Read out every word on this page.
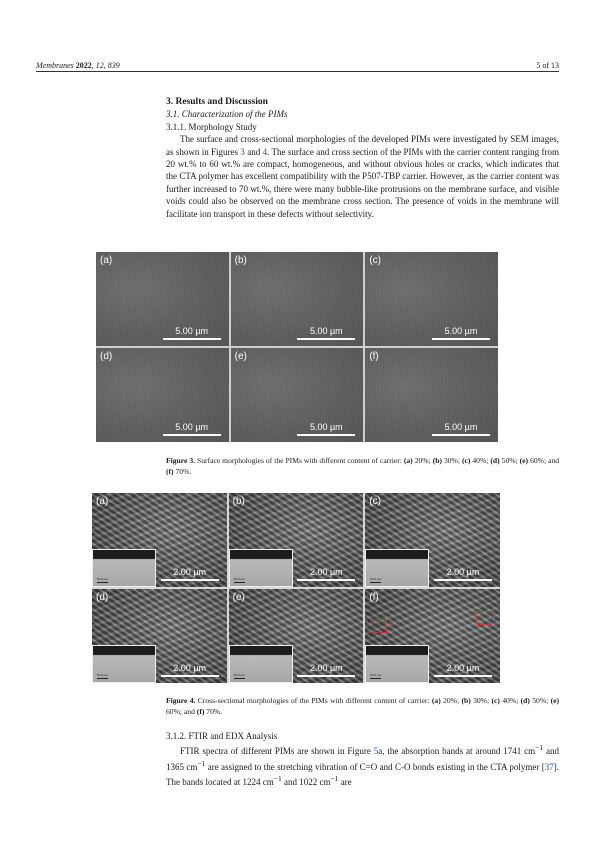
Membranes 2022, 12, 839	5 of 13
3. Results and Discussion
3.1. Characterization of the PIMs
3.1.1. Morphology Study

The surface and cross-sectional morphologies of the developed PIMs were investigated by SEM images, as shown in Figures 3 and 4. The surface and cross section of the PIMs with the carrier content ranging from 20 wt.% to 60 wt.% are compact, homogeneous, and without obvious holes or cracks, which indicates that the CTA polymer has excellent compatibility with the P507-TBP carrier. However, as the carrier content was further increased to 70 wt.%, there were many bubble-like protrusions on the membrane surface, and visible voids could also be observed on the membrane cross section. The presence of voids in the membrane will facilitate ion transport in these defects without selectivity.

(a)
5.00 µm
(b)
5.00 µm
(c)
5.00 µm
(d)
5.00 µm
(e)
5.00 µm
(f)
5.00 µm
Figure 3. Surface morphologies of the PIMs with different content of carrier: (a) 20%; (b) 30%; (c) 40%; (d) 50%; (e) 60%; and (f) 70%.
(a)
50.0 µm
2.00 µm
(b)
50.0 µm
2.00 µm
(c)
50.0 µm
2.00 µm
(d)
50.0 µm
2.00 µm
(e)
50.0 µm
2.00 µm
(f)
50.0 µm
2.00 µm
Figure 4. Cross-sectional morphologies of the PIMs with different content of carrier: (a) 20%; (b) 30%; (c) 40%; (d) 50%; (e) 60%; and (f) 70%.
3.1.2. FTIR and EDX Analysis

FTIR spectra of different PIMs are shown in Figure 5a, the absorption bands at around 1741 $cm^{-1}$ and 1365 $cm^{-1}$ are assigned to the stretching vibration of C=O and C-O bonds existing in the CTA polymer [37]. The bands located at 1224 $cm^{-1}$ and 1022 $cm^{-1}$ are
